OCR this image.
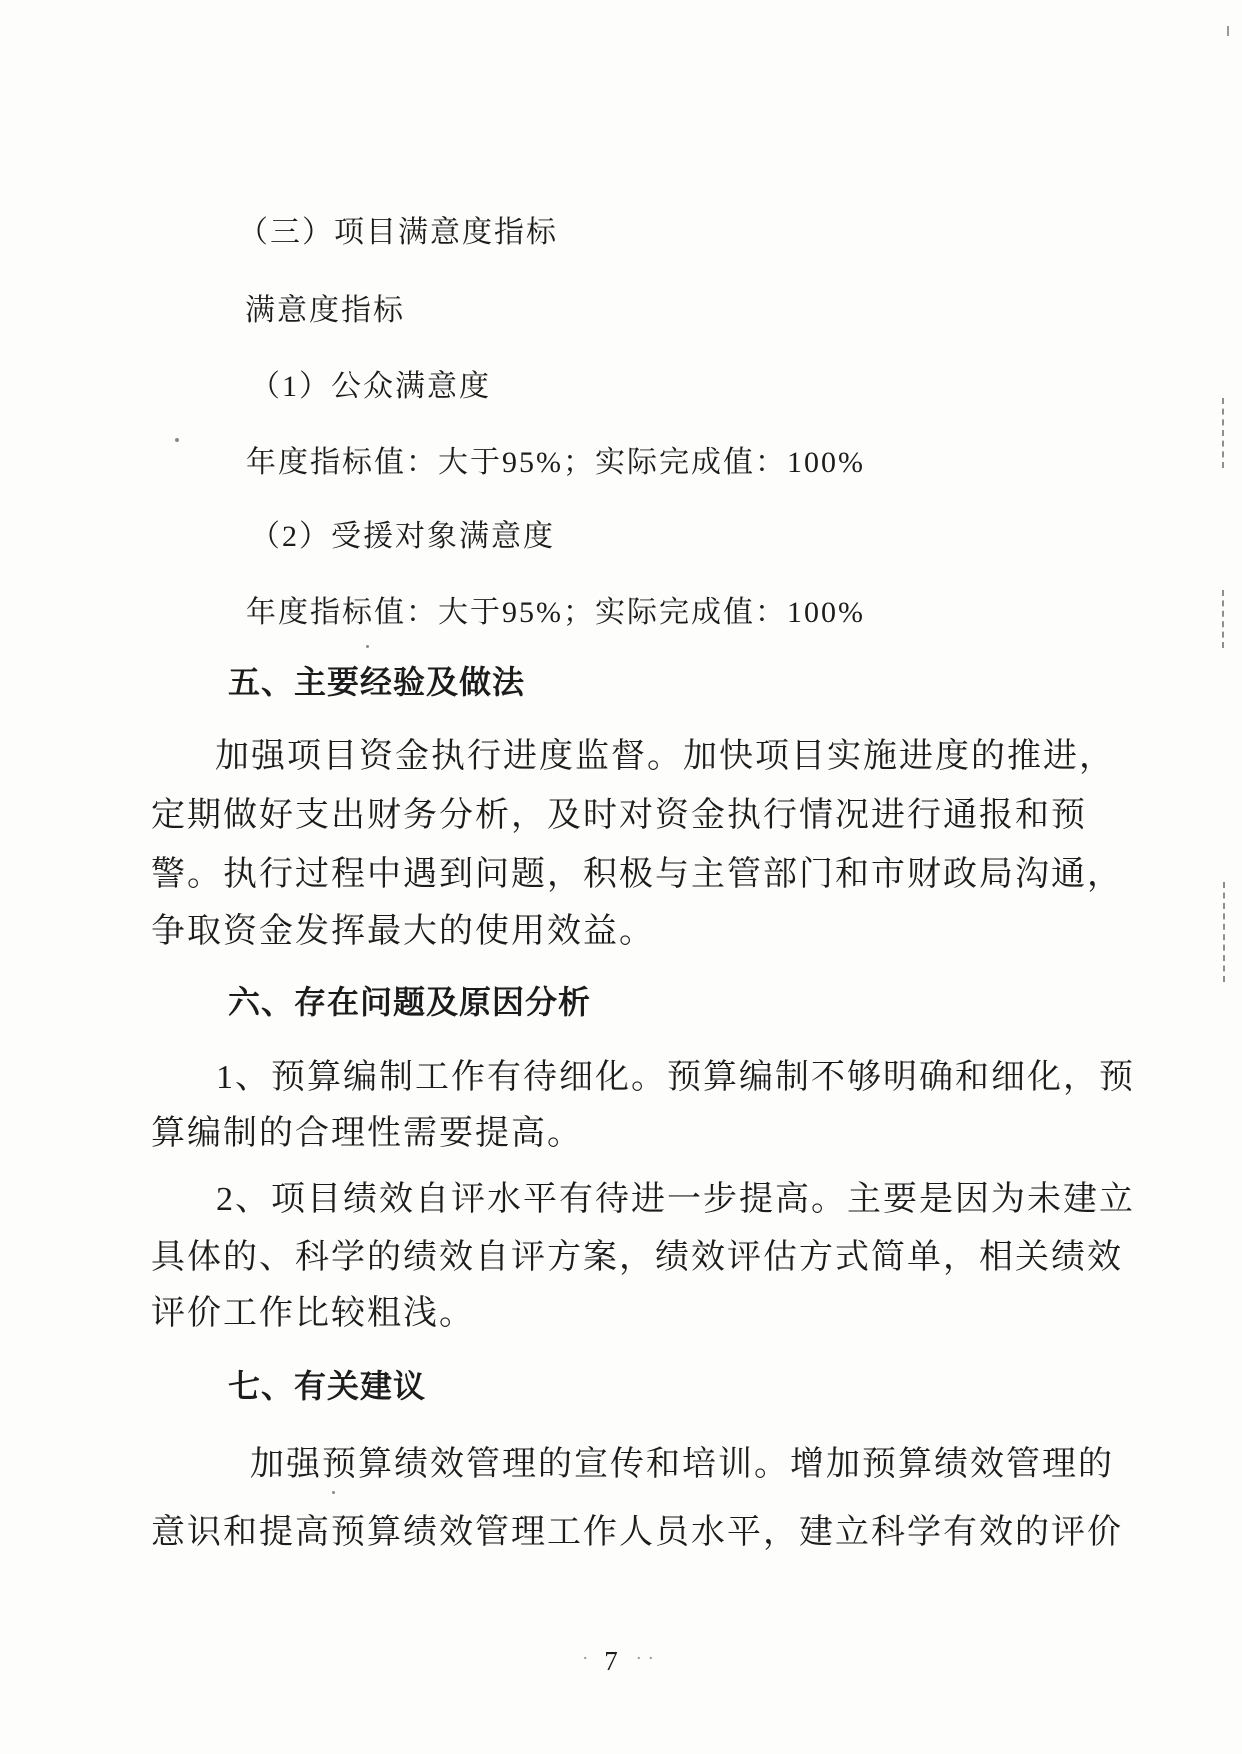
（三）项目满意度指标
满意度指标
（1）公众满意度
年度指标值：大于95%；实际完成值：100%
（2）受援对象满意度
年度指标值：大于95%；实际完成值：100%
五、主要经验及做法
加强项目资金执行进度监督。加快项目实施进度的推进，
定期做好支出财务分析，及时对资金执行情况进行通报和预
警。执行过程中遇到问题，积极与主管部门和市财政局沟通，
争取资金发挥最大的使用效益。
六、存在问题及原因分析
1、预算编制工作有待细化。预算编制不够明确和细化，预
算编制的合理性需要提高。
2、项目绩效自评水平有待进一步提高。主要是因为未建立
具体的、科学的绩效自评方案，绩效评估方式简单，相关绩效
评价工作比较粗浅。
七、有关建议
加强预算绩效管理的宣传和培训。增加预算绩效管理的
意识和提高预算绩效管理工作人员水平，建立科学有效的评价
· 7 ··
